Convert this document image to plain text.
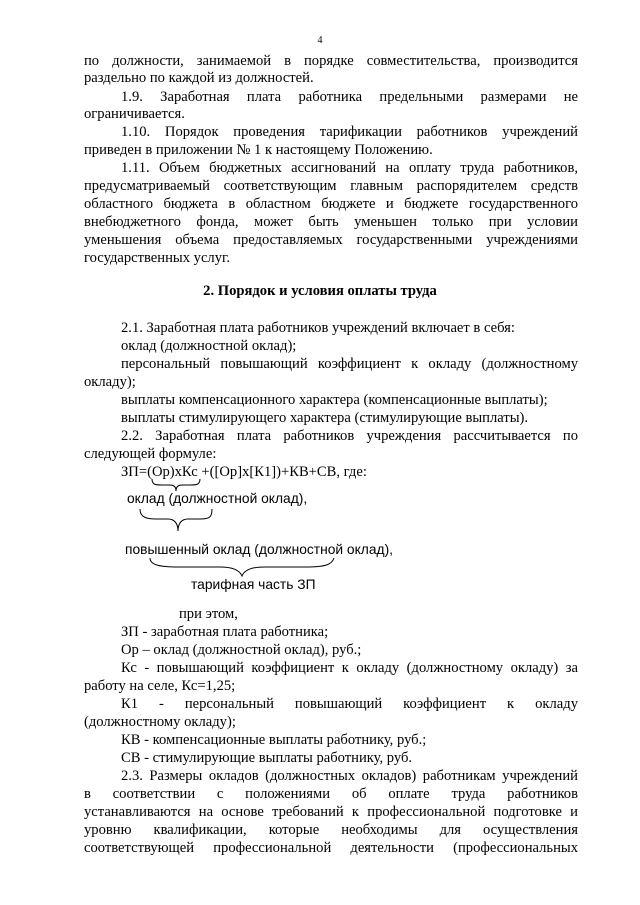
4

по должности, занимаемой в порядке совместительства, производится

раздельно по каждой из должностей.

1.9. Заработная плата работника предельными размерами не

ограничивается.

1.10. Порядок проведения тарификации работников учреждений

приведен в приложении № 1 к настоящему Положению.

1.11. Объем бюджетных ассигнований на оплату труда работников,

предусматриваемый соответствующим главным распорядителем средств

областного бюджета в областном бюджете и бюджете государственного

внебюджетного фонда, может быть уменьшен только при условии

уменьшения объема предоставляемых государственными учреждениями

государственных услуг.

2. Порядок и условия оплаты труда

2.1. Заработная плата работников учреждений включает в себя:

оклад (должностной оклад);

персональный повышающий коэффициент к окладу (должностному

окладу);

выплаты компенсационного характера (компенсационные выплаты);

выплаты стимулирующего характера (стимулирующие выплаты).

2.2. Заработная плата работников учреждения рассчитывается по

следующей формуле:

ЗП=(Ор)хКс +([Ор]х[К1])+КВ+СВ, где:

оклад (должностной оклад),

повышенный оклад (должностной оклад),

тарифная часть ЗП

при этом,

ЗП - заработная плата работника;

Ор – оклад (должностной оклад), руб.;

Кс - повышающий коэффициент к окладу (должностному окладу) за

работу на селе, Кс=1,25;

К1 - персональный повышающий коэффициент к окладу

(должностному окладу);

КВ - компенсационные выплаты работнику, руб.;

СВ - стимулирующие выплаты работнику, руб.

2.3. Размеры окладов (должностных окладов) работникам учреждений

в соответствии с положениями об оплате труда работников

устанавливаются на основе требований к профессиональной подготовке и

уровню квалификации, которые необходимы для осуществления

соответствующей профессиональной деятельности (профессиональных
